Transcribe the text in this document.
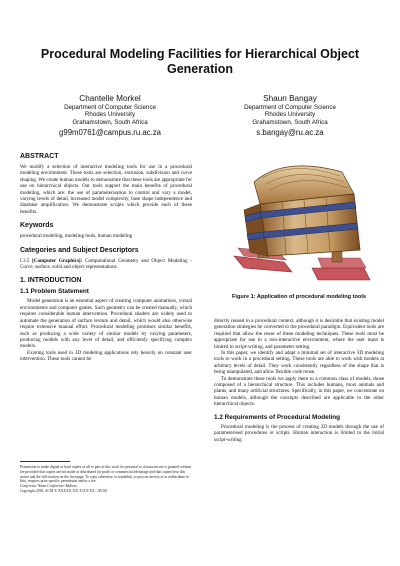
Procedural Modeling Facilities for Hierarchical Object Generation
Chantelle Morkel
Department of Computer Science
Rhodes University
Grahamstown, South Africa
g99m0761@campus.ru.ac.za
Shaun Bangay
Department of Computer Science
Rhodes University
Grahamstown, South Africa
s.bangay@ru.ac.za
ABSTRACT

We modify a selection of interactive modeling tools for use in a procedural modeling environment. These tools are selection, extrusion, subdivision and curve shaping. We create human models to demonstrate that these tools are appropriate for use on hierarchical objects. Our tools support the main benefits of procedural modeling, which are: the use of parameterisation to control and vary a model, varying levels of detail, increased model complexity, base shape independence and database amplification. We demonstrate scripts which provide each of these benefits.

Keywords

procedural modeling, modeling tools, human modeling

Categories and Subject Descriptors

I.3.5 [Computer Graphics]: Computational Geometry and Object Modeling - Curve, surface, solid and object representations

1. INTRODUCTION
1.1 Problem Statement

Model generation is an essential aspect of creating computer animations, virtual environments and computer games. Such geometry can be created manually, which requires considerable human intervention. Procedural shaders are widely used to automate the generation of surface texture and detail, which would also otherwise require extensive manual effort. Procedural modeling promises similar benefits, such as producing a wide variety of similar models by varying parameters, producing models with any level of detail, and efficiently specifying complex models.

Existing tools used in 3D modeling applications rely heavily on constant user intervention. These tools cannot be

Figure 1: Application of procedural modeling tools

directly reused in a procedural context, although it is desirable that existing model generation strategies be converted to the procedural paradigm. Equivalent tools are required that allow the reuse of these modeling techniques. These tools must be appropriate for use in a non-interactive environment, where the user input is limited to script-writing, and parameter setting.

In this paper, we identify and adapt a minimal set of interactive 3D modeling tools to work in a procedural setting. These tools are able to work with models at arbitrary levels of detail. They work consistently regardless of the shape that is being manipulated, and allow flexible code reuse.

To demonstrate these tools we apply them to a common class of models, those composed of a hierarchical structure. This includes humans, most animals and plants, and many artificial structures. Specifically, in this paper, we concentrate on human models, although the concepts described are applicable to the other hierarchical objects.

1.2 Requirements of Procedural Modeling

Procedural modeling is the process of creating 3D models through the use of parameterised procedures or scripts. Human interaction is limited to the initial script-writing

Permission to make digital or hard copies of all or part of this work for personal or classroom use is granted without fee provided that copies are not made or distributed for profit or commercial advantage and that copies bear this notice and the full citation on the first page. To copy otherwise, to republish, to post on servers or to redistribute to lists, requires prior specific permission and/or a fee.
Conference Name Conference Address
Copyright 2018, ACM X-XXXXX-XX-X/XX/XX ...$5.00.
